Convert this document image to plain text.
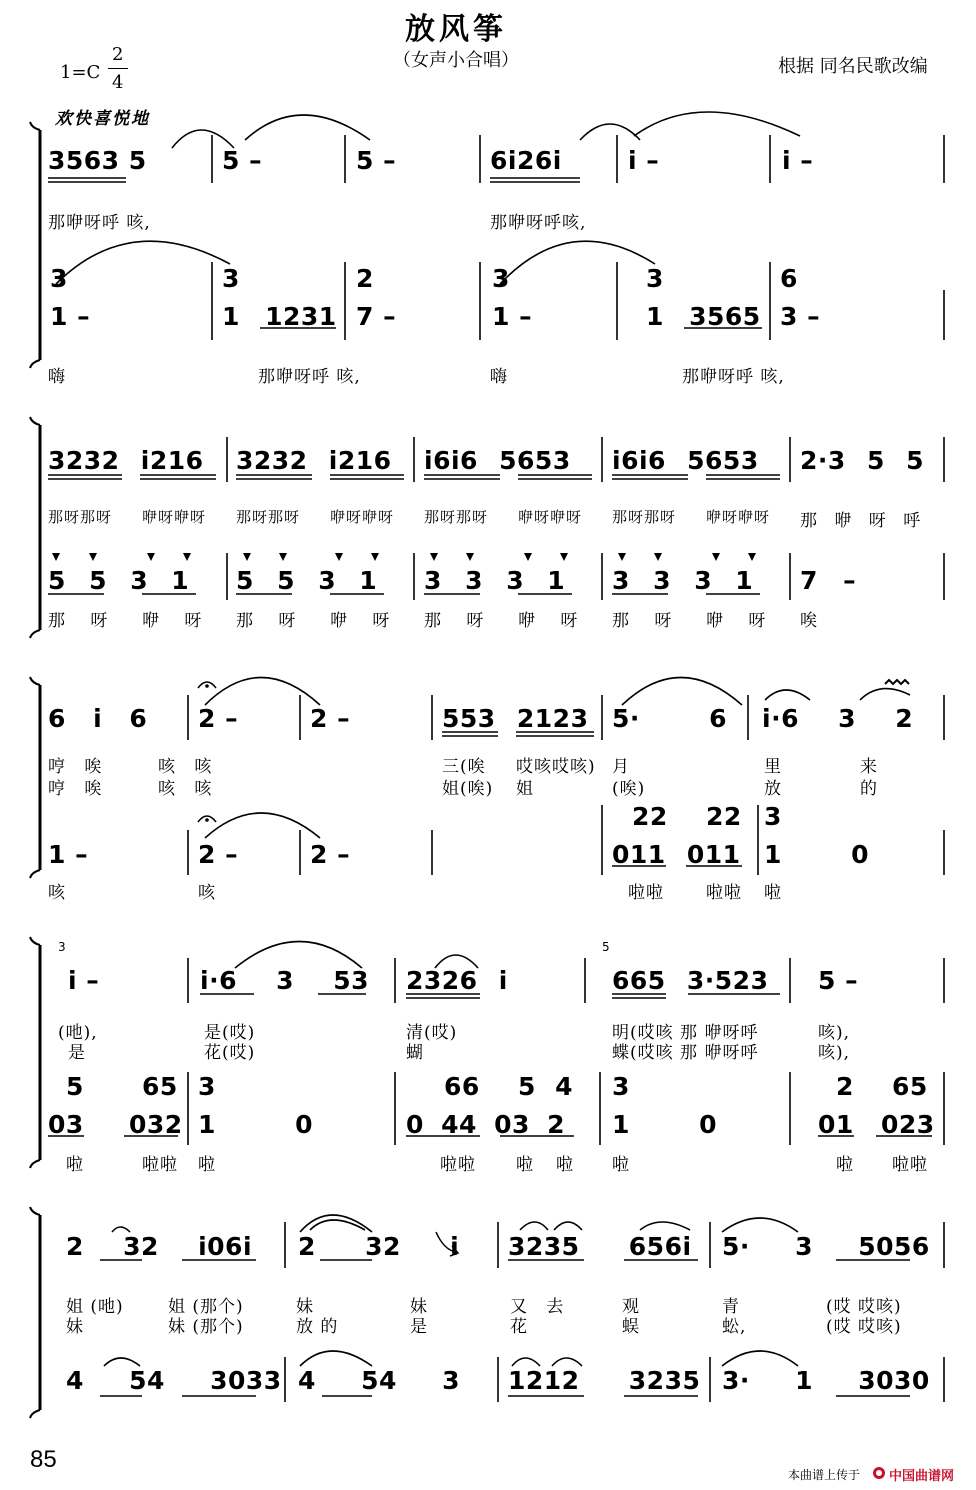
放风筝
（女声小合唱）
1=C
2
4
根据 同名民歌改编
欢快喜悦地
3563 5	5 –	5 –	6i26i	i –	i –
那咿呀呼 咳,	那咿呀呼咳,
3	3	2	3	3	6
1 –	1 1231 7 –	1 –	1 3565 3 –
嗨	那咿呀呼 咳,	嗨	那咿呀呼 咳,
3232 i216 3232 i216 i6i6 5653 i6i6 5653 2·3 5 5
那呀那呀 咿呀咿呀 那呀那呀 咿呀咿呀 那呀那呀 咿呀咿呀 那呀那呀 咿呀咿呀 那 咿 呀 呼
5 5 3 1 5 5 3 1 3 3 3 1 3 3 3 1 7 –
那 呀 咿 呀 那 呀 咿 呀 那 呀 咿 呀 那 呀 咿 呀 唉
6 i 6 2 –	2 –	553 2123 5· 6 i·6 3 2
哼 唉	咳 咳	三(唉 哎咳哎咳) 月	里	来
哼 唉	咳 咳	姐(唉) 姐	(唉)	放	的
22 22 3
1 –	2 –	2 –	011 011 1 0
咳	咳	啦啦 啦啦 啦
3	5
i –	i·6 3 53 2326 i	665 3·523 5 –
(吔),	是(哎)	清(哎)	明(哎咳 那 咿呀呼	咳),
是	花(哎)	蝴	蝶(哎咳 那 咿呀呼	咳),
5 65 3	66 5 4 3	2 65
03 032 1 0	0 44 03 2 1 0	01 023
啦	啦啦 啦	啦啦 啦 啦 啦	啦 啦啦
2 32 i06i 2 32 i 3235 656i 5· 3 5056
姐 (吔)	姐 (那个)	妹	妹	又 去	观	青	(哎 哎咳)
妹	妹 (那个)	放 的	是	花	蜈	蚣,	(哎 哎咳)
4 54 3033 4 54 3 1212 3235 3· 1 3030
85
本曲谱上传于 中国曲谱网
